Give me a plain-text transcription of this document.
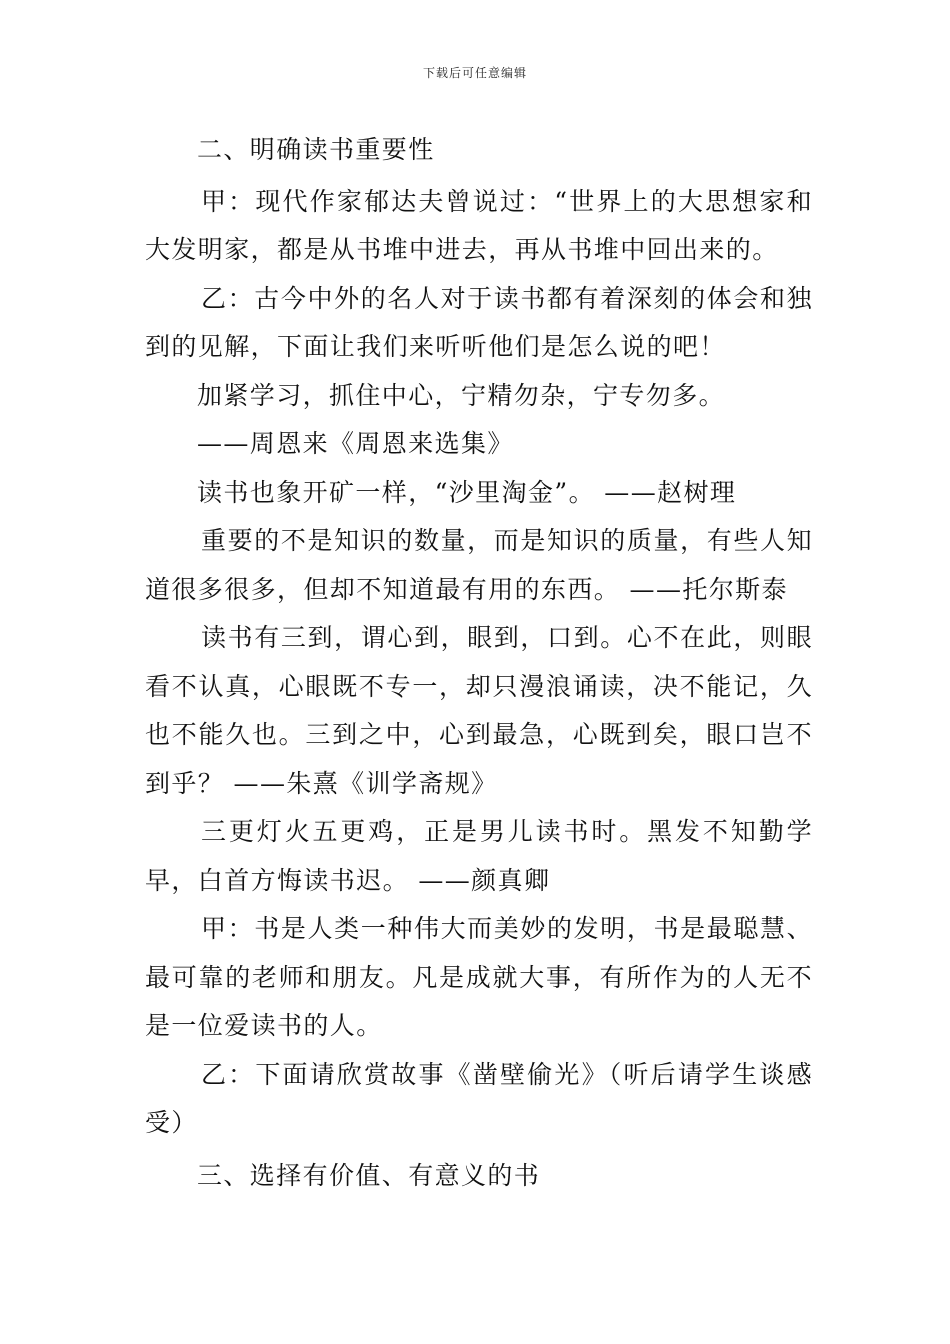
下载后可任意编辑

二、明确读书重要性

甲：现代作家郁达夫曾说过：“世界上的大思想家和大发明家，都是从书堆中进去，再从书堆中回出来的。

乙：古今中外的名人对于读书都有着深刻的体会和独到的见解，下面让我们来听听他们是怎么说的吧！

加紧学习，抓住中心，宁精勿杂，宁专勿多。

——周恩来《周恩来选集》

读书也象开矿一样，“沙里淘金”。 ——赵树理

重要的不是知识的数量，而是知识的质量，有些人知道很多很多，但却不知道最有用的东西。 ——托尔斯泰

读书有三到，谓心到，眼到，口到。心不在此，则眼看不认真，心眼既不专一，却只漫浪诵读，决不能记，久也不能久也。三到之中，心到最急，心既到矣，眼口岂不到乎？ ——朱熹《训学斋规》

三更灯火五更鸡，正是男儿读书时。黑发不知勤学早，白首方悔读书迟。 ——颜真卿

甲：书是人类一种伟大而美妙的发明，书是最聪慧、最可靠的老师和朋友。凡是成就大事，有所作为的人无不是一位爱读书的人。

乙：下面请欣赏故事《凿壁偷光》（听后请学生谈感受）

三、选择有价值、有意义的书
